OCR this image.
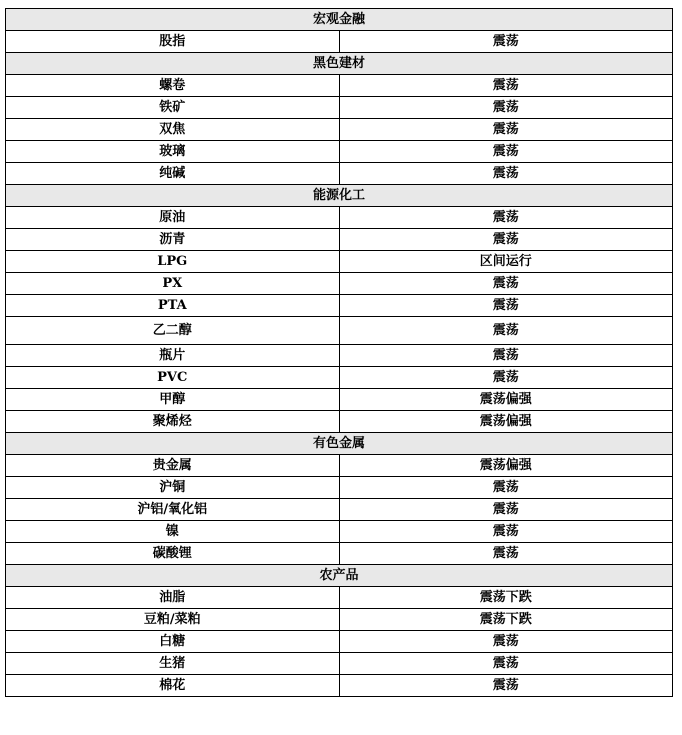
宏观金融	
股指	震荡
黑色建材	
螺卷	震荡
铁矿	震荡
双焦	震荡
玻璃	震荡
纯碱	震荡
能源化工	
原油	震荡
沥青	震荡
LPG	区间运行
PX	震荡
PTA	震荡
乙二醇	震荡
瓶片	震荡
PVC	震荡
甲醇	震荡偏强
聚烯烃	震荡偏强
有色金属	
贵金属	震荡偏强
沪铜	震荡
沪铝/氧化铝	震荡
镍	震荡
碳酸锂	震荡
农产品	
油脂	震荡下跌
豆粕/菜粕	震荡下跌
白糖	震荡
生猪	震荡
棉花	震荡
